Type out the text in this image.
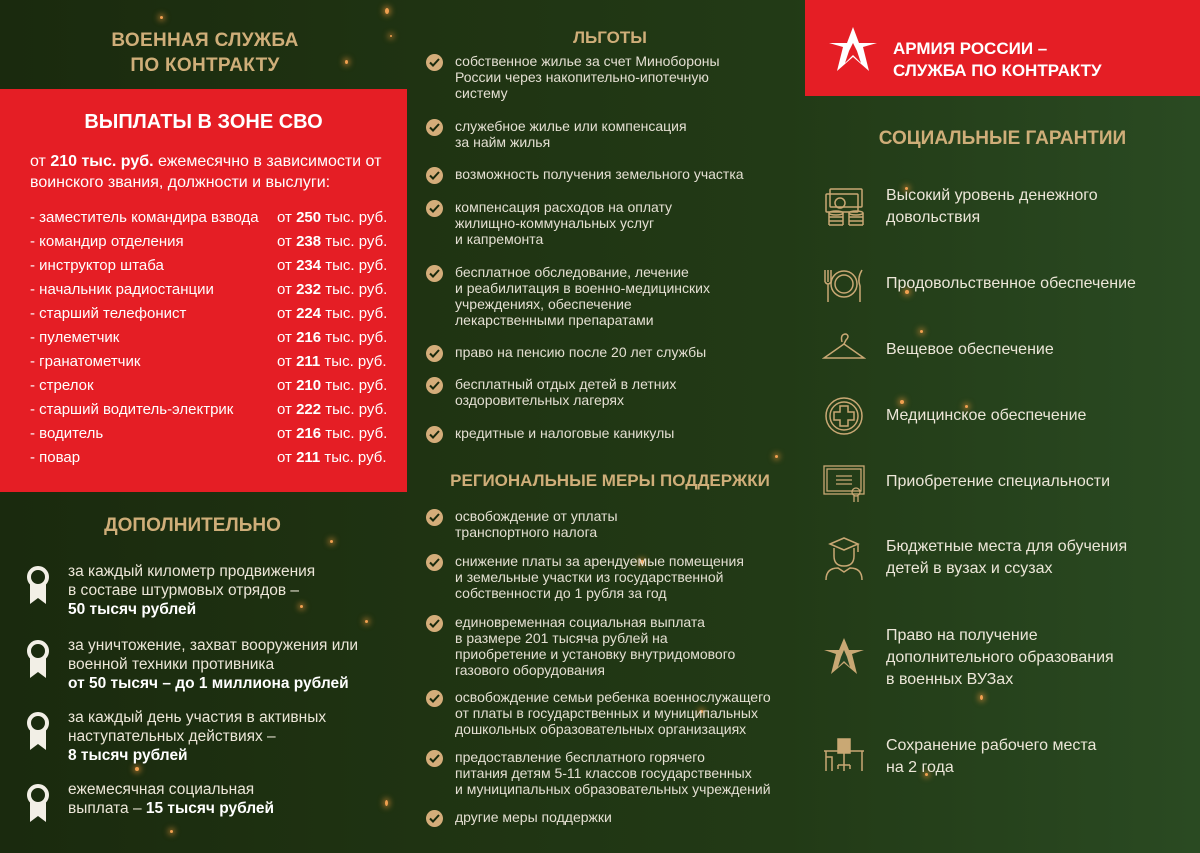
ВОЕННАЯ СЛУЖБА
ПО КОНТРАКТУ
ВЫПЛАТЫ В ЗОНЕ СВО
от 210 тыс. руб. ежемесячно в зависимости от воинского звания, должности и выслуги:
- заместитель командира взвода от 250 тыс. руб.
- командир отделения	от 238 тыс. руб.
- инструктор штаба	от 234 тыс. руб.
- начальник радиостанции	от 232 тыс. руб.
- старший телефонист	от 224 тыс. руб.
- пулеметчик	от 216 тыс. руб.
- гранатометчик	от 211 тыс. руб.
- стрелок	от 210 тыс. руб.
- старший водитель-электрик	от 222 тыс. руб.
- водитель	от 216 тыс. руб.
- повар	от 211 тыс. руб.
ДОПОЛНИТЕЛЬНО
за каждый километр продвижения
в составе штурмовых отрядов –
50 тысяч рублей
за уничтожение, захват вооружения или
военной техники противника
от 50 тысяч – до 1 миллиона рублей
за каждый день участия в активных
наступательных действиях –
8 тысяч рублей
ежемесячная социальная
выплата – 15 тысяч рублей
ЛЬГОТЫ
собственное жилье за счет Минобороны
России через накопительно-ипотечную
систему
служебное жилье или компенсация
за найм жилья
возможность получения земельного участка
компенсация расходов на оплату
жилищно-коммунальных услуг
и капремонта
бесплатное обследование, лечение
и реабилитация в военно-медицинских
учреждениях, обеспечение
лекарственными препаратами
право на пенсию после 20 лет службы
бесплатный отдых детей в летних
оздоровительных лагерях
кредитные и налоговые каникулы
РЕГИОНАЛЬНЫЕ МЕРЫ ПОДДЕРЖКИ
освобождение от уплаты
транспортного налога
снижение платы за арендуемые помещения
и земельные участки из государственной
собственности до 1 рубля за год
единовременная социальная выплата
в размере 201 тысяча рублей на
приобретение и установку внутридомового
газового оборудования
освобождение семьи ребенка военнослужащего
от платы в государственных и муниципальных
дошкольных образовательных организациях
предоставление бесплатного горячего
питания детям 5-11 классов государственных
и муниципальных образовательных учреждений
другие меры поддержки
АРМИЯ РОССИИ –
СЛУЖБА ПО КОНТРАКТУ
СОЦИАЛЬНЫЕ ГАРАНТИИ
Высокий уровень денежного
довольствия
Продовольственное обеспечение
Вещевое обеспечение
Медицинское обеспечение
Приобретение специальности
Бюджетные места для обучения
детей в вузах и ссузах
Право на получение
дополнительного образования
в военных ВУЗах
Сохранение рабочего места
на 2 года
